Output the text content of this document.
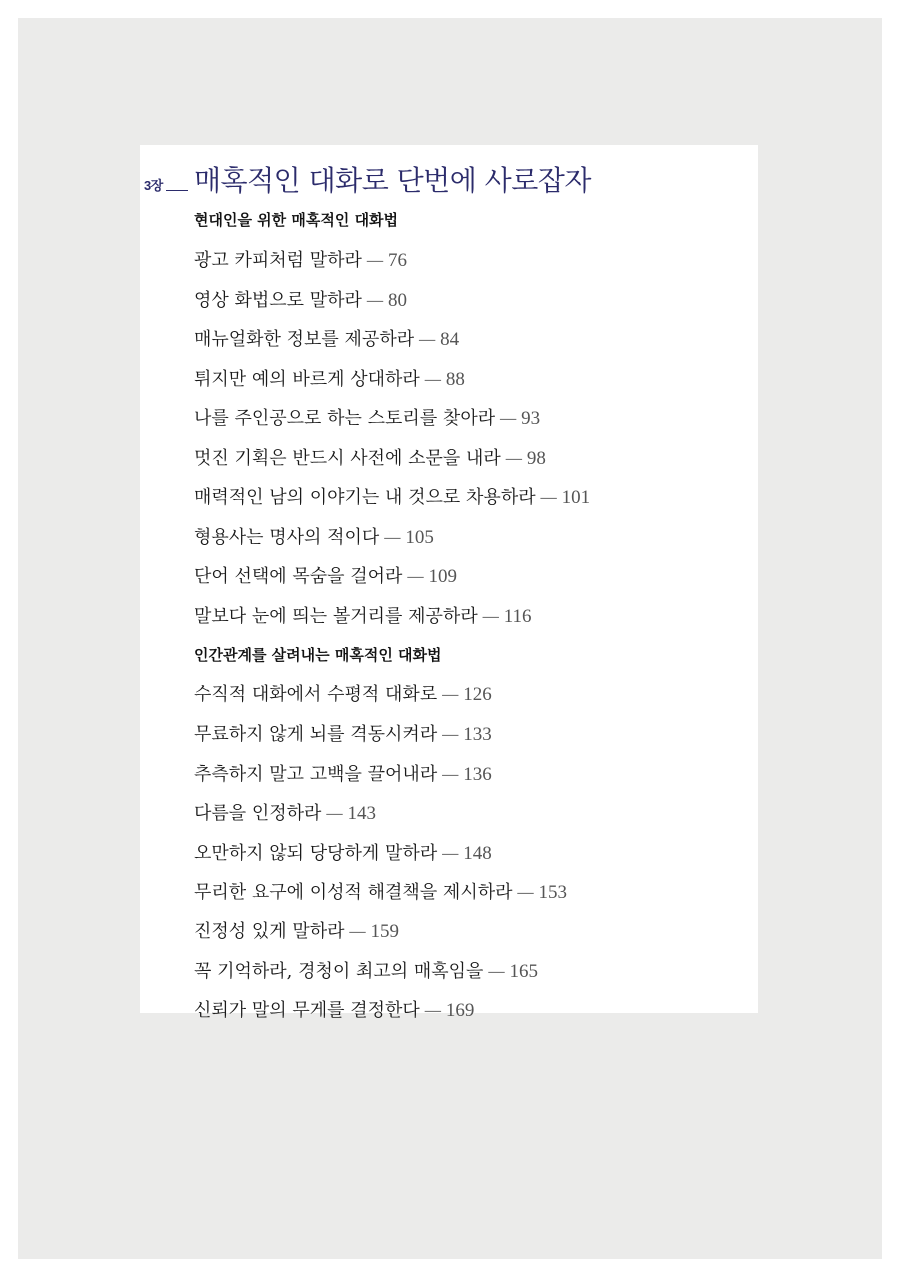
3장 매혹적인 대화로 단번에 사로잡자
현대인을 위한 매혹적인 대화법
광고 카피처럼 말하라 — 76
영상 화법으로 말하라 — 80
매뉴얼화한 정보를 제공하라 — 84
튀지만 예의 바르게 상대하라 — 88
나를 주인공으로 하는 스토리를 찾아라 — 93
멋진 기획은 반드시 사전에 소문을 내라 — 98
매력적인 남의 이야기는 내 것으로 차용하라 — 101
형용사는 명사의 적이다 — 105
단어 선택에 목숨을 걸어라 — 109
말보다 눈에 띄는 볼거리를 제공하라 — 116
인간관계를 살려내는 매혹적인 대화법
수직적 대화에서 수평적 대화로 — 126
무료하지 않게 뇌를 격동시켜라 — 133
추측하지 말고 고백을 끌어내라 — 136
다름을 인정하라 — 143
오만하지 않되 당당하게 말하라 — 148
무리한 요구에 이성적 해결책을 제시하라 — 153
진정성 있게 말하라 — 159
꼭 기억하라, 경청이 최고의 매혹임을 — 165
신뢰가 말의 무게를 결정한다 — 169
